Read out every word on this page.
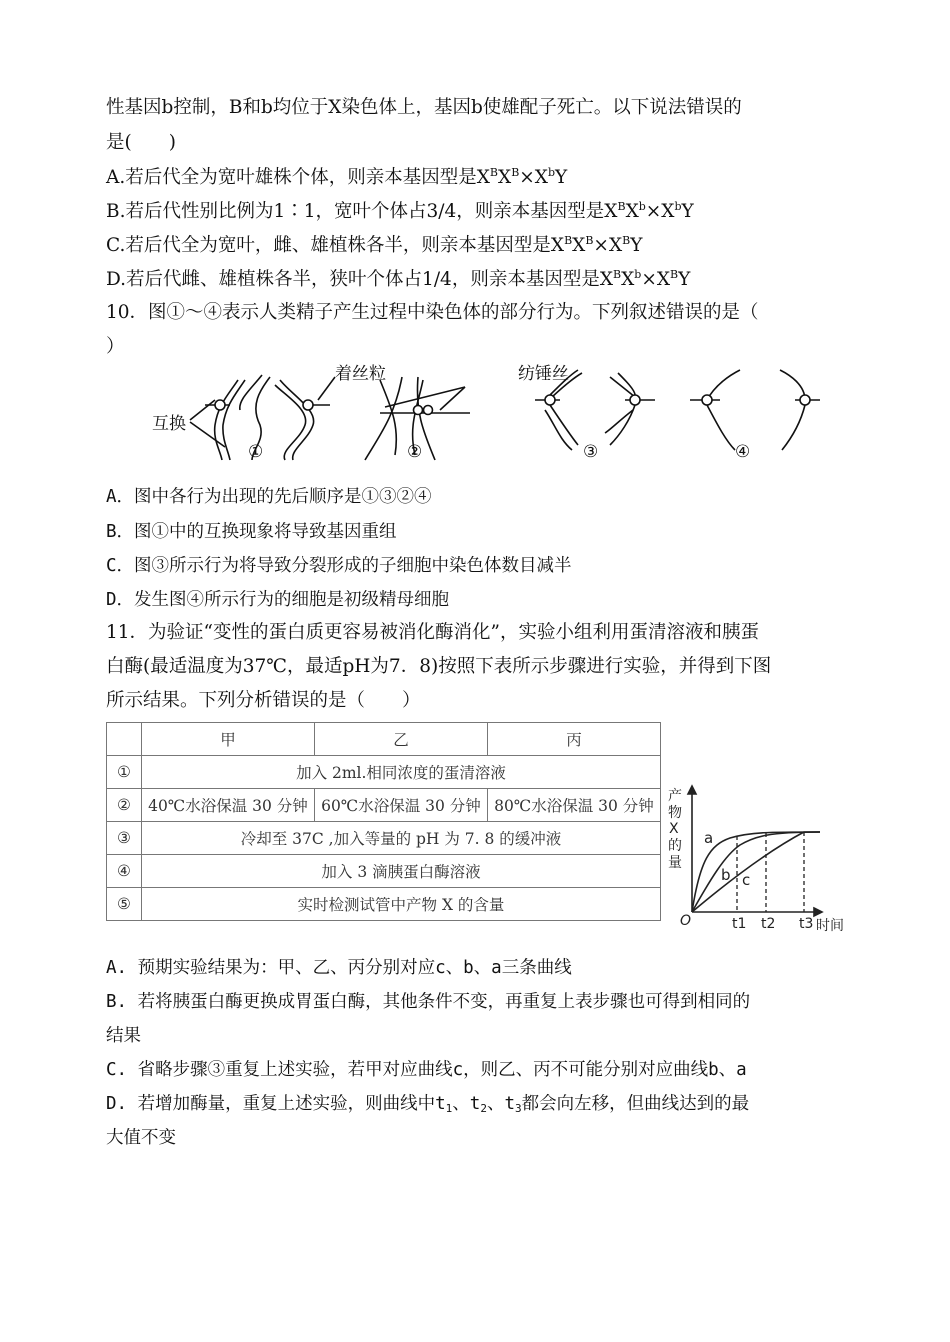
性基因b控制，B和b均位于X染色体上，基因b使雄配子死亡。以下说法错误的
是(　　)
A.若后代全为宽叶雄株个体，则亲本基因型是$X^BX^B\times X^bY$
B.若后代性别比例为1∶1，宽叶个体占3/4，则亲本基因型是$X^BX^b\times X^bY$
C.若后代全为宽叶，雌、雄植株各半，则亲本基因型是$X^BX^B\times X^BY$
D.若后代雌、雄植株各半，狭叶个体占1/4，则亲本基因型是$X^BX^b\times X^BY$
10．图①～④表示人类精子产生过程中染色体的部分行为。下列叙述错误的是（
）
着丝粒
互换
纺锤丝
①	②	③	④
A．图中各行为出现的先后顺序是①③②④
B．图①中的互换现象将导致基因重组
C．图③所示行为将导致分裂形成的子细胞中染色体数目减半
D．发生图④所示行为的细胞是初级精母细胞
11．为验证“变性的蛋白质更容易被消化酶消化”，实验小组利用蛋清溶液和胰蛋
白酶(最适温度为37℃，最适pH为7．8)按照下表所示步骤进行实验，并得到下图
所示结果。下列分析错误的是（　　）
	甲	乙	丙
①	加入 2ml.相同浓度的蛋清溶液		
②	40℃水浴保温 30 分钟	60℃水浴保温 30 分钟	80℃水浴保温 30 分钟
③	冷却至 37C ,加入等量的 pH 为 7. 8 的缓冲液		
④	加入 3 滴胰蛋白酶溶液		
⑤	实时检测试管中产物 X 的含量		
产
物
X
的
量
a
b c
O	t1 t2 t3 时间
A. 预期实验结果为：甲、乙、丙分别对应c、b、a三条曲线
B. 若将胰蛋白酶更换成胃蛋白酶，其他条件不变，再重复上表步骤也可得到相同的
结果
C. 省略步骤③重复上述实验，若甲对应曲线c，则乙、丙不可能分别对应曲线b、a
D. 若增加酶量，重复上述实验，则曲线中$t_1$、$t_2$、$t_3$都会向左移，但曲线达到的最
大值不变
